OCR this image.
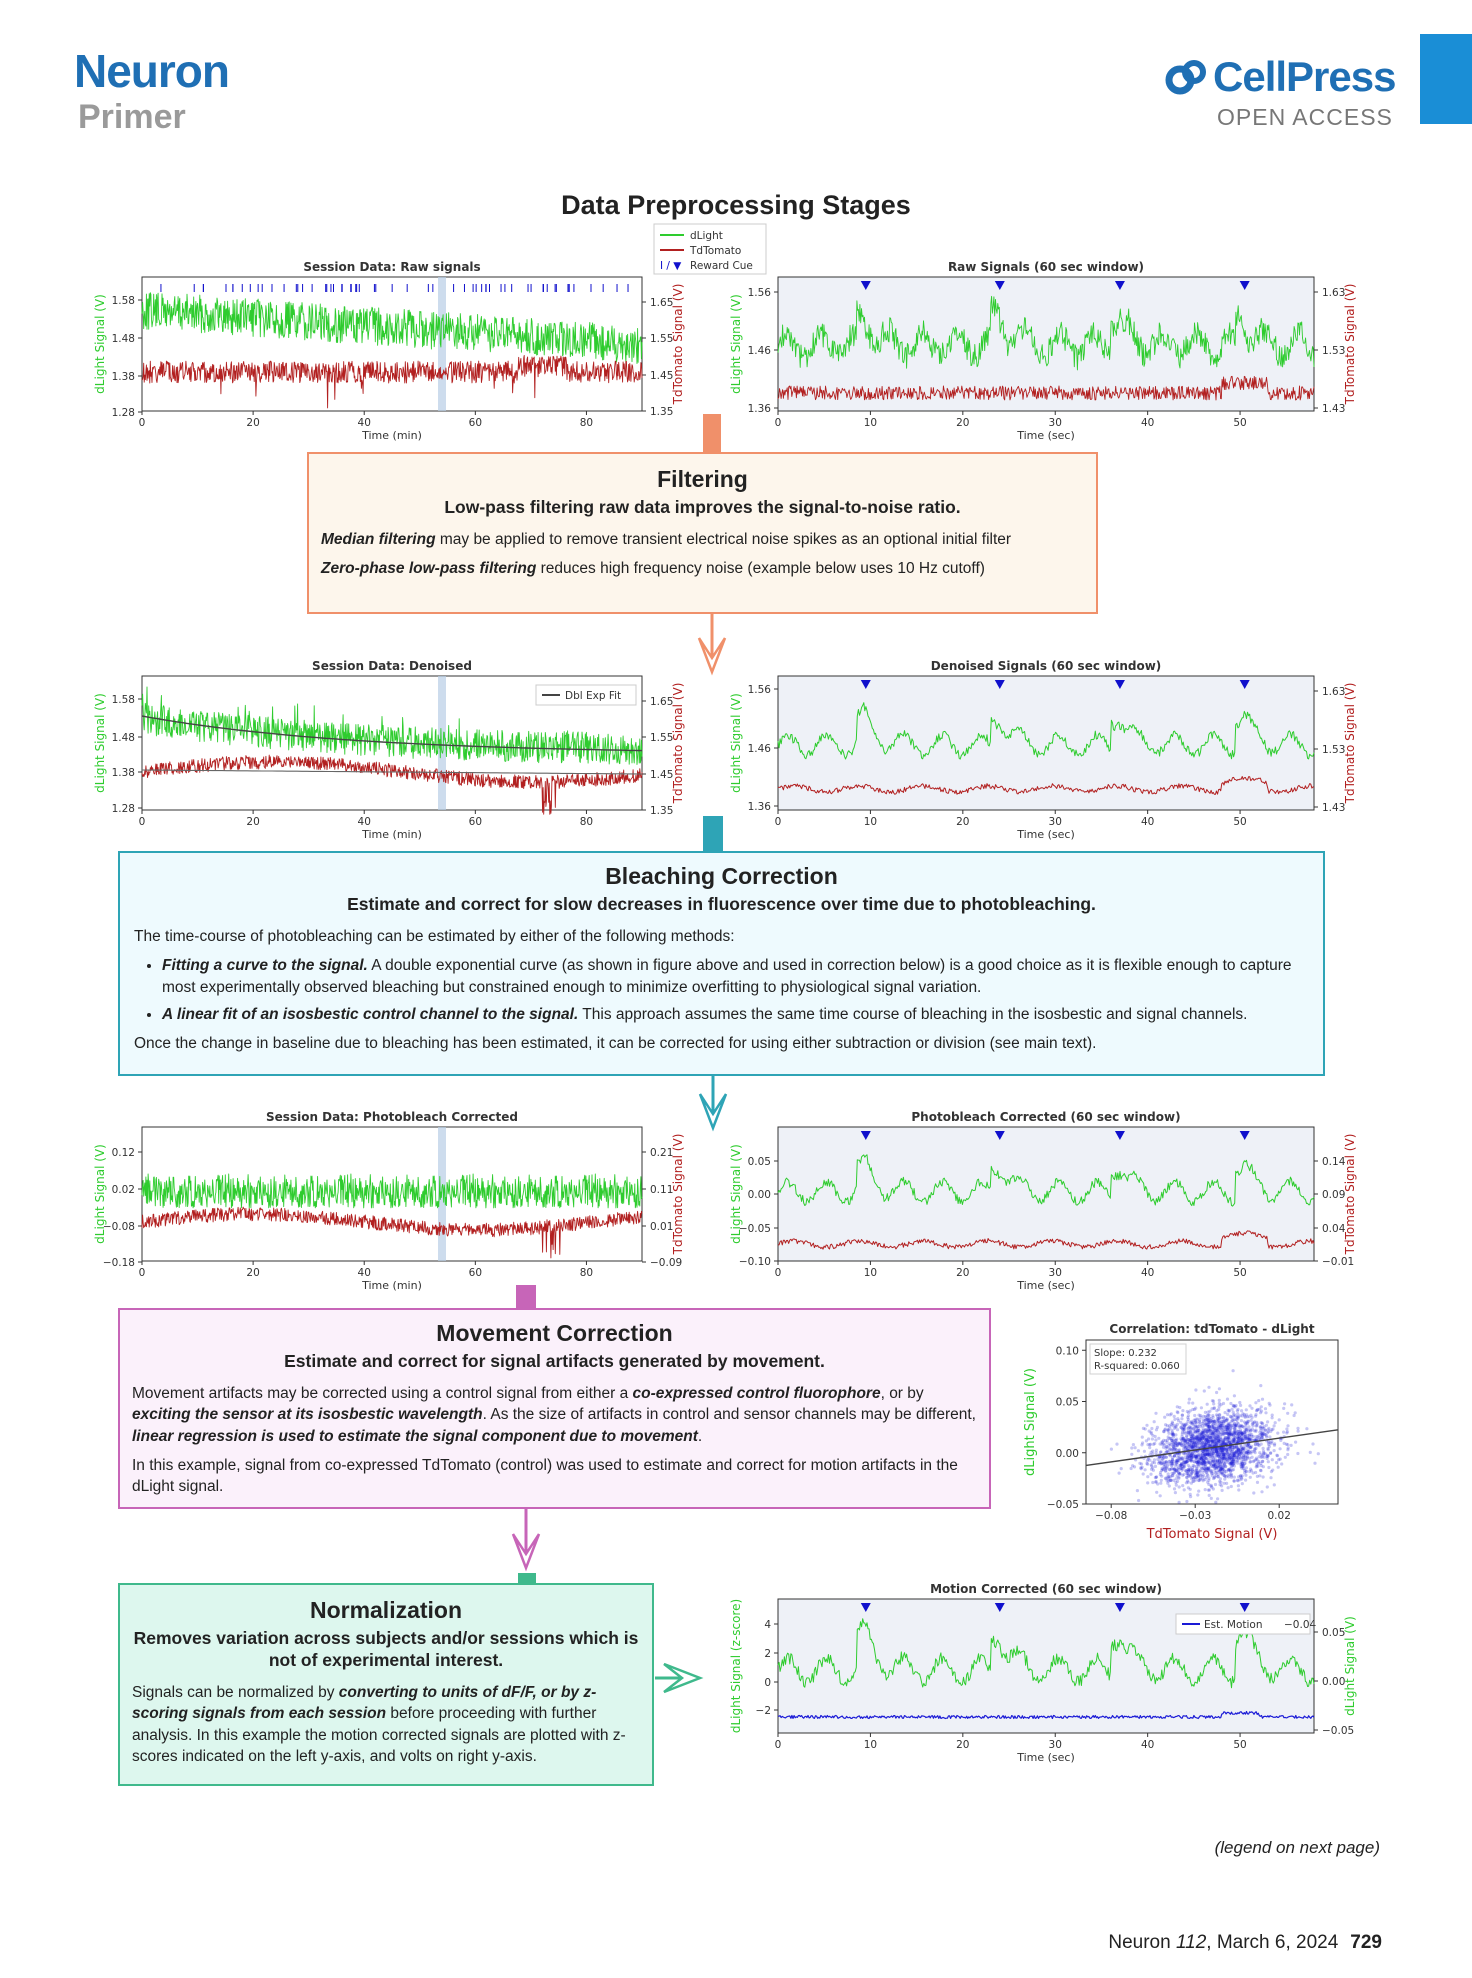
Neuron
Primer
CellPress
OPEN ACCESS
Data Preprocessing Stages
Filtering
Low-pass filtering raw data improves the signal-to-noise ratio.

Median filtering may be applied to remove transient electrical noise spikes as an optional initial filter

Zero-phase low-pass filtering reduces high frequency noise (example below uses 10 Hz cutoff)

Bleaching Correction
Estimate and correct for slow decreases in fluorescence over time due to photobleaching.

The time-course of photobleaching can be estimated by either of the following methods:

• Fitting a curve to the signal. A double exponential curve (as shown in figure above and used in correction below) is a good choice as it is flexible enough to capture most experimentally observed bleaching but constrained enough to minimize overfitting to physiological signal variation.
• A linear fit of an isosbestic control channel to the signal. This approach assumes the same time course of bleaching in the isosbestic and signal channels.

Once the change in baseline due to bleaching has been estimated, it can be corrected for using either subtraction or division (see main text).

Movement Correction
Estimate and correct for signal artifacts generated by movement.

Movement artifacts may be corrected using a control signal from either a co-expressed control fluorophore, or by exciting the sensor at its isosbestic wavelength. As the size of artifacts in control and sensor channels may be different, linear regression is used to estimate the signal component due to movement.

In this example, signal from co-expressed TdTomato (control) was used to estimate and correct for motion artifacts in the dLight signal.

Normalization
Removes variation across subjects and/or sessions which is not of experimental interest.

Signals can be normalized by converting to units of dF/F, or by z-scoring signals from each session before proceeding with further analysis. In this example the motion corrected signals are plotted with z-scores indicated on the left y-axis, and volts on right y-axis.

dLight
TdTomato
I / ▼ Reward Cue
Session Data: Raw signals
0	20	40	60	80
Time (min)
1.58
1.48
1.38
1.28
1.65
1.55
1.45
1.35
dLight Signal (V)	TdTomato Signal (V)
Raw Signals (60 sec window)
0	10	20	30	40	50
Time (sec)
1.56
1.46
1.36
1.63
1.53
1.43
dLight Signal (V)	TdTomato Signal (V)
Session Data: Denoised
0	20	40	60	80
Time (min)
1.58
1.48
1.38
1.28
1.65
1.55
1.45
1.35
dLight Signal (V)	TdTomato Signal (V)
Dbl Exp Fit
Denoised Signals (60 sec window)
0	10	20	30	40	50
Time (sec)
1.56
1.46
1.36
1.63
1.53
1.43
dLight Signal (V)	TdTomato Signal (V)
Session Data: Photobleach Corrected
0	20	40	60	80
Time (min)
0.12
0.02
−0.08
−0.18
0.21
0.11
0.01
−0.09
dLight Signal (V)	TdTomato Signal (V)
Photobleach Corrected (60 sec window)
0	10	20	30	40	50
Time (sec)
0.05
0.00
−0.05
−0.10
0.14
0.09
0.04
−0.01
dLight Signal (V)	TdTomato Signal (V)
Correlation: tdTomato - dLight
Slope: 0.232
R-squared: 0.060
−0.08	−0.03	0.02
0.10
0.05
0.00
−0.05
TdTomato Signal (V)
dLight Signal (V)
Motion Corrected (60 sec window)
0	10	20	30	40	50
Time (sec)
4
2
0
−2
0.05
0.00
−0.05
dLight Signal (z-score)	dLight Signal (V)
Est. Motion −0.04
(legend on next page)
Neuron 112, March 6, 2024 729
